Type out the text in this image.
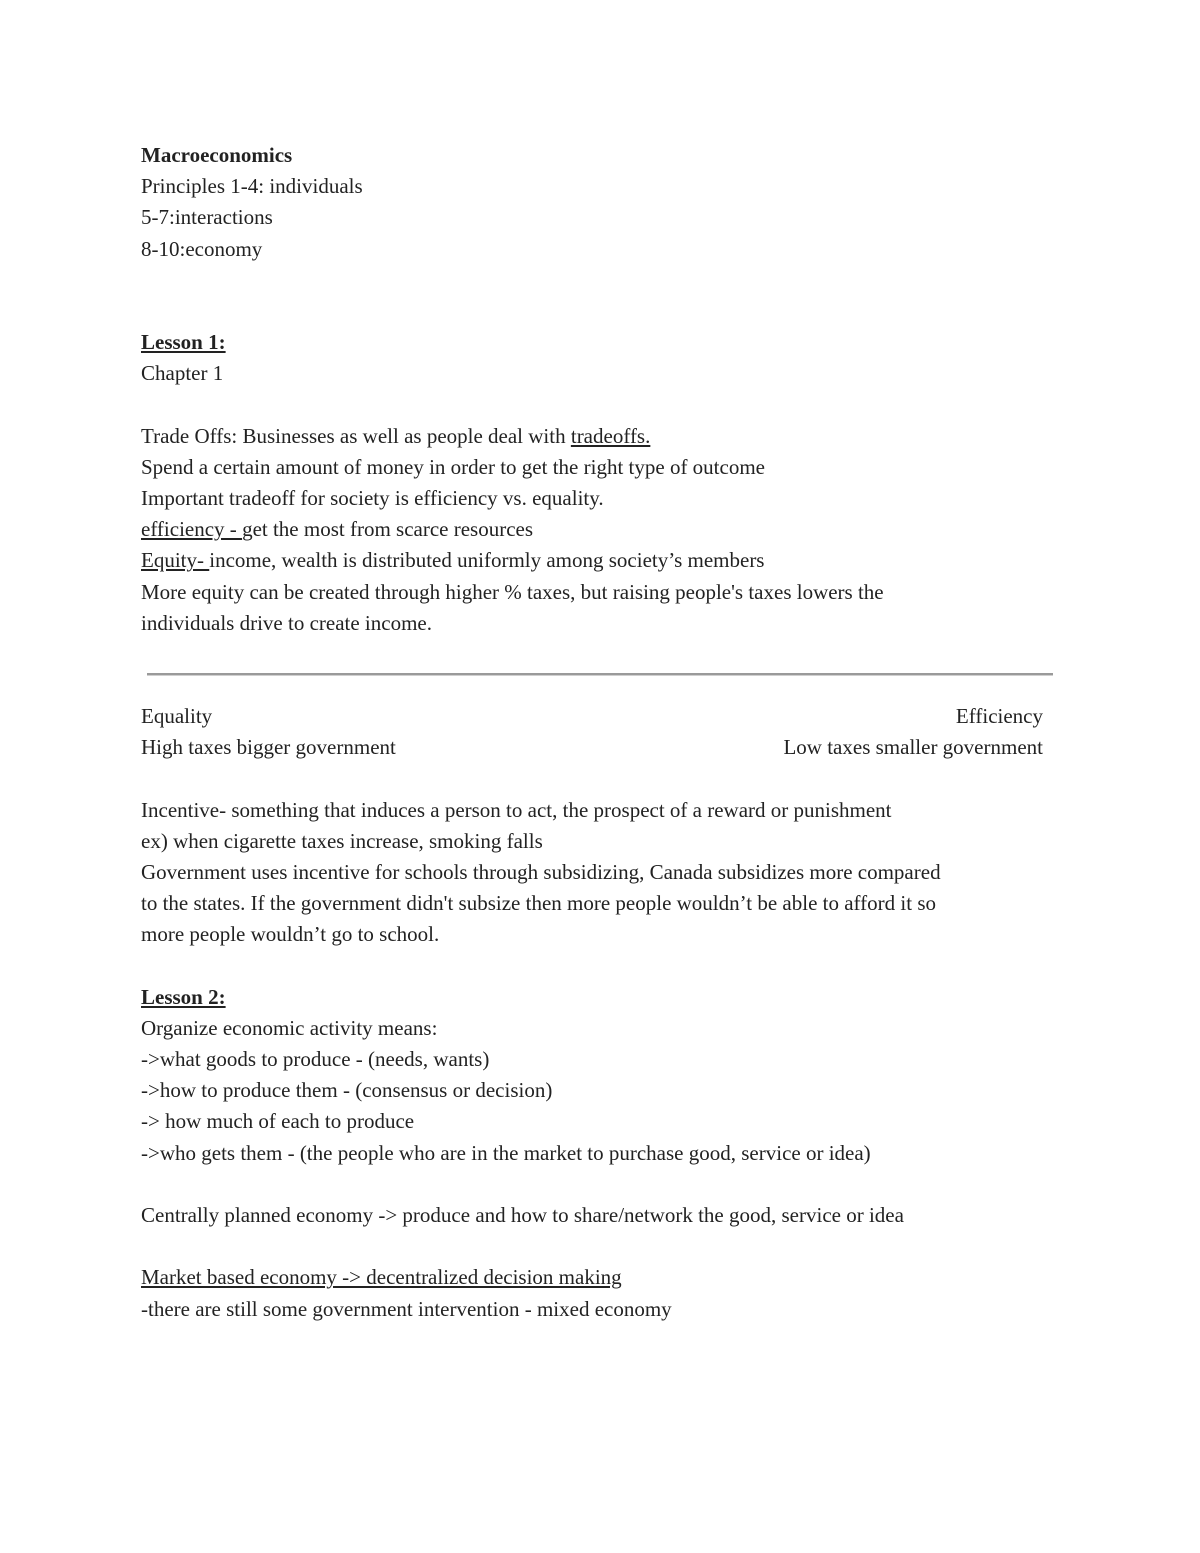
Macroeconomics
Principles 1-4: individuals
5-7:interactions
8-10:economy
Lesson 1:
Chapter 1
Trade Offs: Businesses as well as people deal with tradeoffs.
Spend a certain amount of money in order to get the right type of outcome
Important tradeoff for society is efficiency vs. equality.
efficiency - get the most from scarce resources
Equity- income, wealth is distributed uniformly among society’s members
More equity can be created through higher % taxes, but raising people's taxes lowers the
individuals drive to create income.
Equality	Efficiency
High taxes bigger government	Low taxes smaller government
Incentive- something that induces a person to act, the prospect of a reward or punishment
ex) when cigarette taxes increase, smoking falls
Government uses incentive for schools through subsidizing, Canada subsidizes more compared
to the states. If the government didn't subsize then more people wouldn’t be able to afford it so
more people wouldn’t go to school.
Lesson 2:
Organize economic activity means:
->what goods to produce - (needs, wants)
->how to produce them - (consensus or decision)
-> how much of each to produce
->who gets them - (the people who are in the market to purchase good, service or idea)
Centrally planned economy -> produce and how to share/network the good, service or idea
Market based economy -> decentralized decision making
-there are still some government intervention - mixed economy
